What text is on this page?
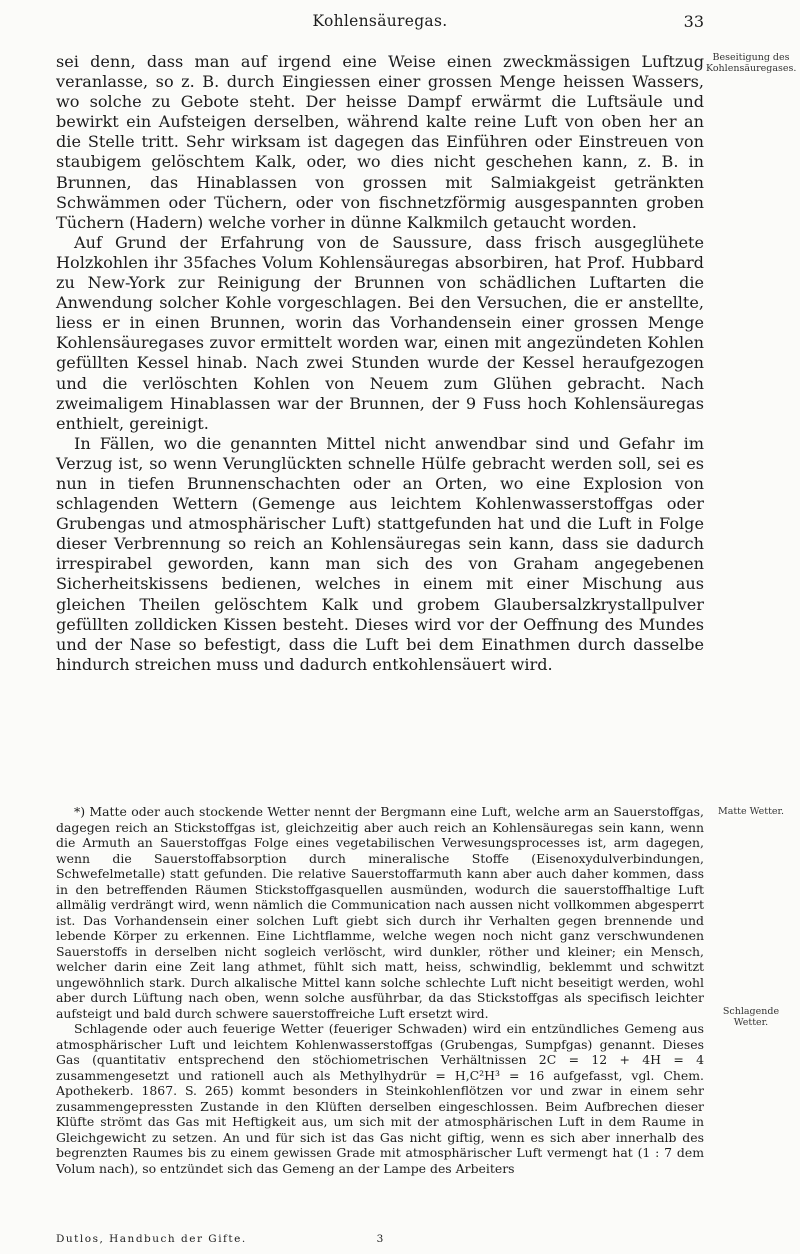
Kohlensäuregas.	33

sei denn, dass man auf irgend eine Weise einen zweckmässigen Luftzug veranlasse, so z. B. durch Eingiessen einer grossen Menge heissen Wassers, wo solche zu Gebote steht. Der heisse Dampf erwärmt die Luftsäule und bewirkt ein Aufsteigen derselben, während kalte reine Luft von oben her an die Stelle tritt. Sehr wirksam ist dagegen das Einführen oder Einstreuen von staubigem gelöschtem Kalk, oder, wo dies nicht geschehen kann, z. B. in Brunnen, das Hinablassen von grossen mit Salmiakgeist getränkten Schwämmen oder Tüchern, oder von fischnetzförmig ausgespannten groben Tüchern (Hadern) welche vorher in dünne Kalkmilch getaucht worden.

Auf Grund der Erfahrung von de Saussure, dass frisch ausgeglühete Holzkohlen ihr 35faches Volum Kohlensäuregas absorbiren, hat Prof. Hubbard zu New-York zur Reinigung der Brunnen von schädlichen Luftarten die Anwendung solcher Kohle vorgeschlagen. Bei den Versuchen, die er anstellte, liess er in einen Brunnen, worin das Vorhandensein einer grossen Menge Kohlensäuregases zuvor ermittelt worden war, einen mit angezündeten Kohlen gefüllten Kessel hinab. Nach zwei Stunden wurde der Kessel heraufgezogen und die verlöschten Kohlen von Neuem zum Glühen gebracht. Nach zweimaligem Hinablassen war der Brunnen, der 9 Fuss hoch Kohlensäuregas enthielt, gereinigt.

In Fällen, wo die genannten Mittel nicht anwendbar sind und Gefahr im Verzug ist, so wenn Verunglückten schnelle Hülfe gebracht werden soll, sei es nun in tiefen Brunnenschachten oder an Orten, wo eine Explosion von schlagenden Wettern (Gemenge aus leichtem Kohlenwasserstoffgas oder Grubengas und atmosphärischer Luft) stattgefunden hat und die Luft in Folge dieser Verbrennung so reich an Kohlensäuregas sein kann, dass sie dadurch irrespirabel geworden, kann man sich des von Graham angegebenen Sicherheitskissens bedienen, welches in einem mit einer Mischung aus gleichen Theilen gelöschtem Kalk und grobem Glaubersalzkrystallpulver gefüllten zolldicken Kissen besteht. Dieses wird vor der Oeffnung des Mundes und der Nase so befestigt, dass die Luft bei dem Einathmen durch dasselbe hindurch streichen muss und dadurch entkohlensäuert wird.

Beseitigung des Kohlensäuregases.

*) Matte oder auch stockende Wetter nennt der Bergmann eine Luft, welche arm an Sauerstoffgas, dagegen reich an Stickstoffgas ist, gleichzeitig aber auch reich an Kohlensäuregas sein kann, wenn die Armuth an Sauerstoffgas Folge eines vegetabilischen Verwesungsprocesses ist, arm dagegen, wenn die Sauerstoffabsorption durch mineralische Stoffe (Eisenoxydulverbindungen, Schwefelmetalle) statt gefunden. Die relative Sauerstoffarmuth kann aber auch daher kommen, dass in den betreffenden Räumen Stickstoffgasquellen ausmünden, wodurch die sauerstoffhaltige Luft allmälig verdrängt wird, wenn nämlich die Communication nach aussen nicht vollkommen abgesperrt ist. Das Vorhandensein einer solchen Luft giebt sich durch ihr Verhalten gegen brennende und lebende Körper zu erkennen. Eine Lichtflamme, welche wegen noch nicht ganz verschwundenen Sauerstoffs in derselben nicht sogleich verlöscht, wird dunkler, röther und kleiner; ein Mensch, welcher darin eine Zeit lang athmet, fühlt sich matt, heiss, schwindlig, beklemmt und schwitzt ungewöhnlich stark. Durch alkalische Mittel kann solche schlechte Luft nicht beseitigt werden, wohl aber durch Lüftung nach oben, wenn solche ausführbar, da das Stickstoffgas als specifisch leichter aufsteigt und bald durch schwere sauerstoffreiche Luft ersetzt wird.

Schlagende oder auch feuerige Wetter (feueriger Schwaden) wird ein entzündliches Gemeng aus atmosphärischer Luft und leichtem Kohlenwasserstoffgas (Grubengas, Sumpfgas) genannt. Dieses Gas (quantitativ entsprechend den stöchiometrischen Verhältnissen 2C = 12 + 4H = 4 zusammengesetzt und rationell auch als Methylhydrür = H,C²H³ = 16 aufgefasst, vgl. Chem. Apothekerb. 1867. S. 265) kommt besonders in Steinkohlenflötzen vor und zwar in einem sehr zusammengepressten Zustande in den Klüften derselben eingeschlossen. Beim Aufbrechen dieser Klüfte strömt das Gas mit Heftigkeit aus, um sich mit der atmosphärischen Luft in dem Raume in Gleichgewicht zu setzen. An und für sich ist das Gas nicht giftig, wenn es sich aber innerhalb des begrenzten Raumes bis zu einem gewissen Grade mit atmosphärischer Luft vermengt hat (1 : 7 dem Volum nach), so entzündet sich das Gemeng an der Lampe des Arbeiters

Matte Wetter.
Schlagende Wetter.
Dutlos, Handbuch der Gifte.	3
